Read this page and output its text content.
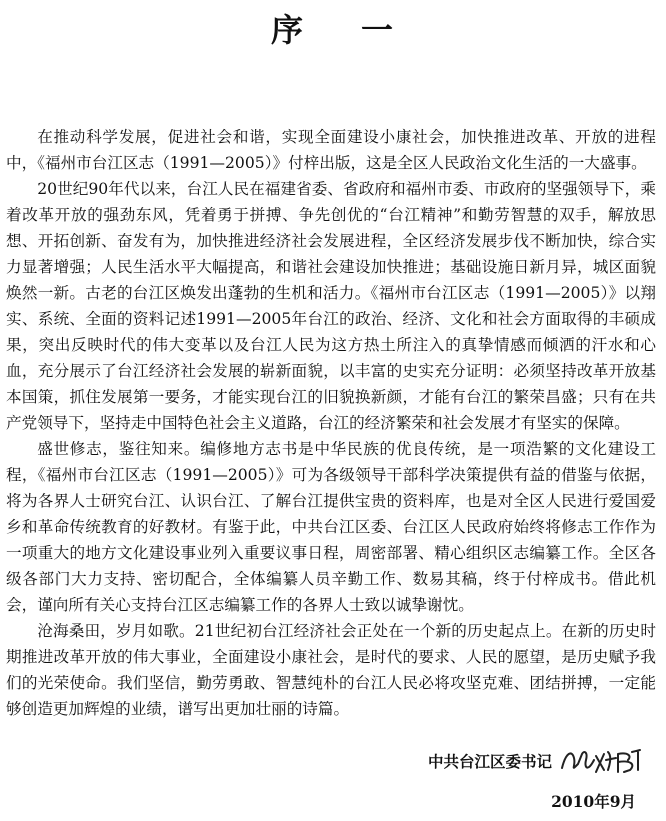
序 一

在推动科学发展，促进社会和谐，实现全面建设小康社会，加快推进改革、开放的进程中，《福州市台江区志（1991—2005）》付梓出版，这是全区人民政治文化生活的一大盛事。

20世纪90年代以来，台江人民在福建省委、省政府和福州市委、市政府的坚强领导下，乘着改革开放的强劲东风，凭着勇于拼搏、争先创优的“台江精神”和勤劳智慧的双手，解放思想、开拓创新、奋发有为，加快推进经济社会发展进程，全区经济发展步伐不断加快，综合实力显著增强；人民生活水平大幅提高，和谐社会建设加快推进；基础设施日新月异，城区面貌焕然一新。古老的台江区焕发出蓬勃的生机和活力。《福州市台江区志（1991—2005）》以翔实、系统、全面的资料记述1991—2005年台江的政治、经济、文化和社会方面取得的丰硕成果，突出反映时代的伟大变革以及台江人民为这方热土所注入的真挚情感而倾洒的汗水和心血，充分展示了台江经济社会发展的崭新面貌，以丰富的史实充分证明：必须坚持改革开放基本国策，抓住发展第一要务，才能实现台江的旧貌换新颜，才能有台江的繁荣昌盛；只有在共产党领导下，坚持走中国特色社会主义道路，台江的经济繁荣和社会发展才有坚实的保障。

盛世修志，鉴往知来。编修地方志书是中华民族的优良传统，是一项浩繁的文化建设工程，《福州市台江区志（1991—2005）》可为各级领导干部科学决策提供有益的借鉴与依据，将为各界人士研究台江、认识台江、了解台江提供宝贵的资料库，也是对全区人民进行爱国爱乡和革命传统教育的好教材。有鉴于此，中共台江区委、台江区人民政府始终将修志工作作为一项重大的地方文化建设事业列入重要议事日程，周密部署、精心组织区志编纂工作。全区各级各部门大力支持、密切配合，全体编纂人员辛勤工作、数易其稿，终于付梓成书。借此机会，谨向所有关心支持台江区志编纂工作的各界人士致以诚挚谢忱。

沧海桑田，岁月如歌。21世纪初台江经济社会正处在一个新的历史起点上。在新的历史时期推进改革开放的伟大事业，全面建设小康社会，是时代的要求、人民的愿望，是历史赋予我们的光荣使命。我们坚信，勤劳勇敢、智慧纯朴的台江人民必将攻坚克难、团结拼搏，一定能够创造更加辉煌的业绩，谱写出更加壮丽的诗篇。

中共台江区委书记
2010年9月
